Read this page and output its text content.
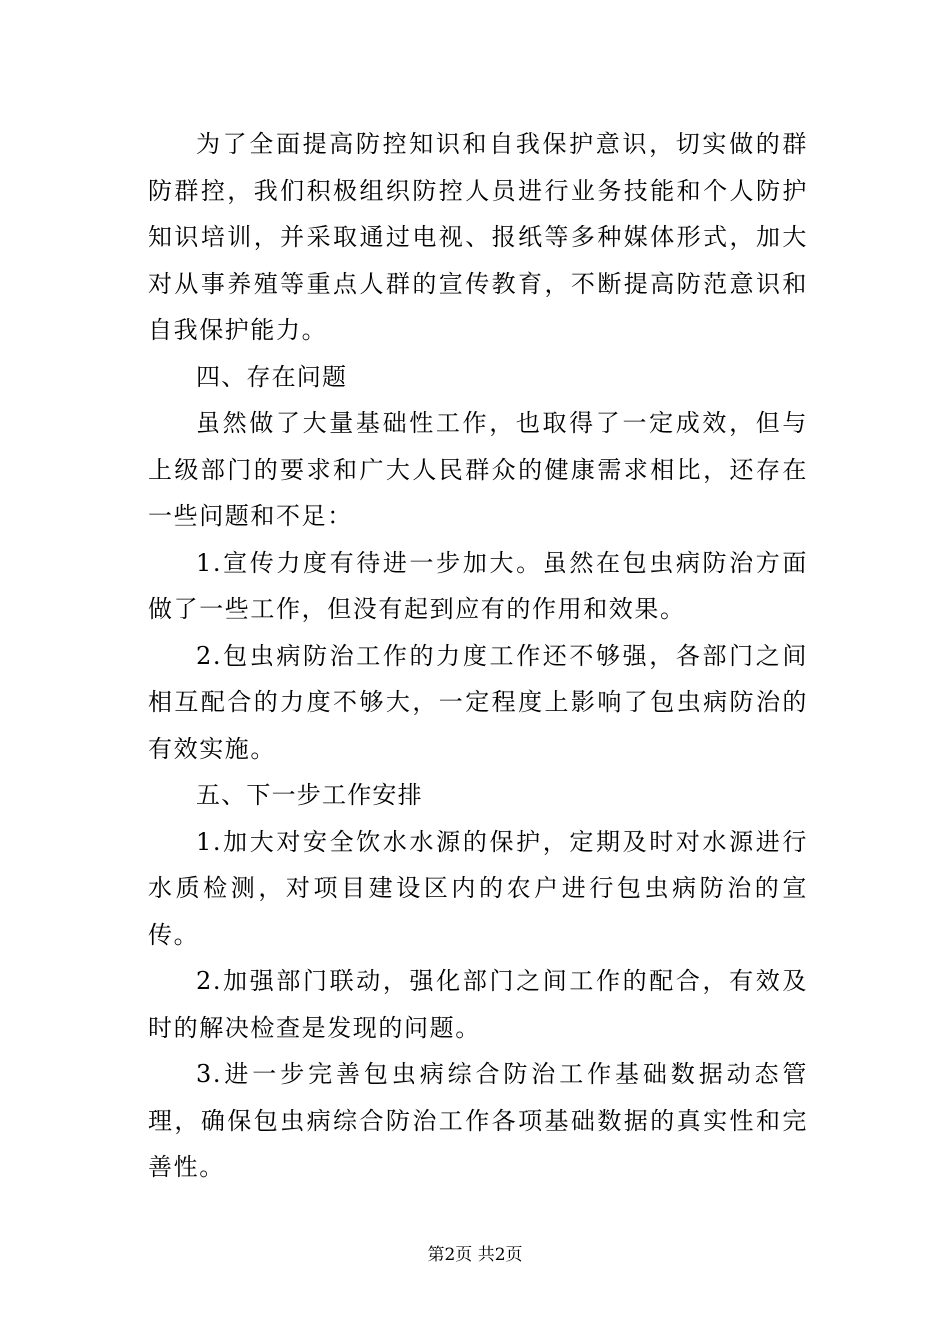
为了全面提高防控知识和自我保护意识，切实做的群防群控，我们积极组织防控人员进行业务技能和个人防护知识培训，并采取通过电视、报纸等多种媒体形式，加大对从事养殖等重点人群的宣传教育，不断提高防范意识和自我保护能力。

四、存在问题

虽然做了大量基础性工作，也取得了一定成效，但与上级部门的要求和广大人民群众的健康需求相比，还存在一些问题和不足：

1.宣传力度有待进一步加大。虽然在包虫病防治方面做了一些工作，但没有起到应有的作用和效果。

2.包虫病防治工作的力度工作还不够强，各部门之间相互配合的力度不够大，一定程度上影响了包虫病防治的有效实施。

五、下一步工作安排

1.加大对安全饮水水源的保护，定期及时对水源进行水质检测，对项目建设区内的农户进行包虫病防治的宣传。

2.加强部门联动，强化部门之间工作的配合，有效及时的解决检查是发现的问题。

3.进一步完善包虫病综合防治工作基础数据动态管理，确保包虫病综合防治工作各项基础数据的真实性和完善性。

第2页 共2页
